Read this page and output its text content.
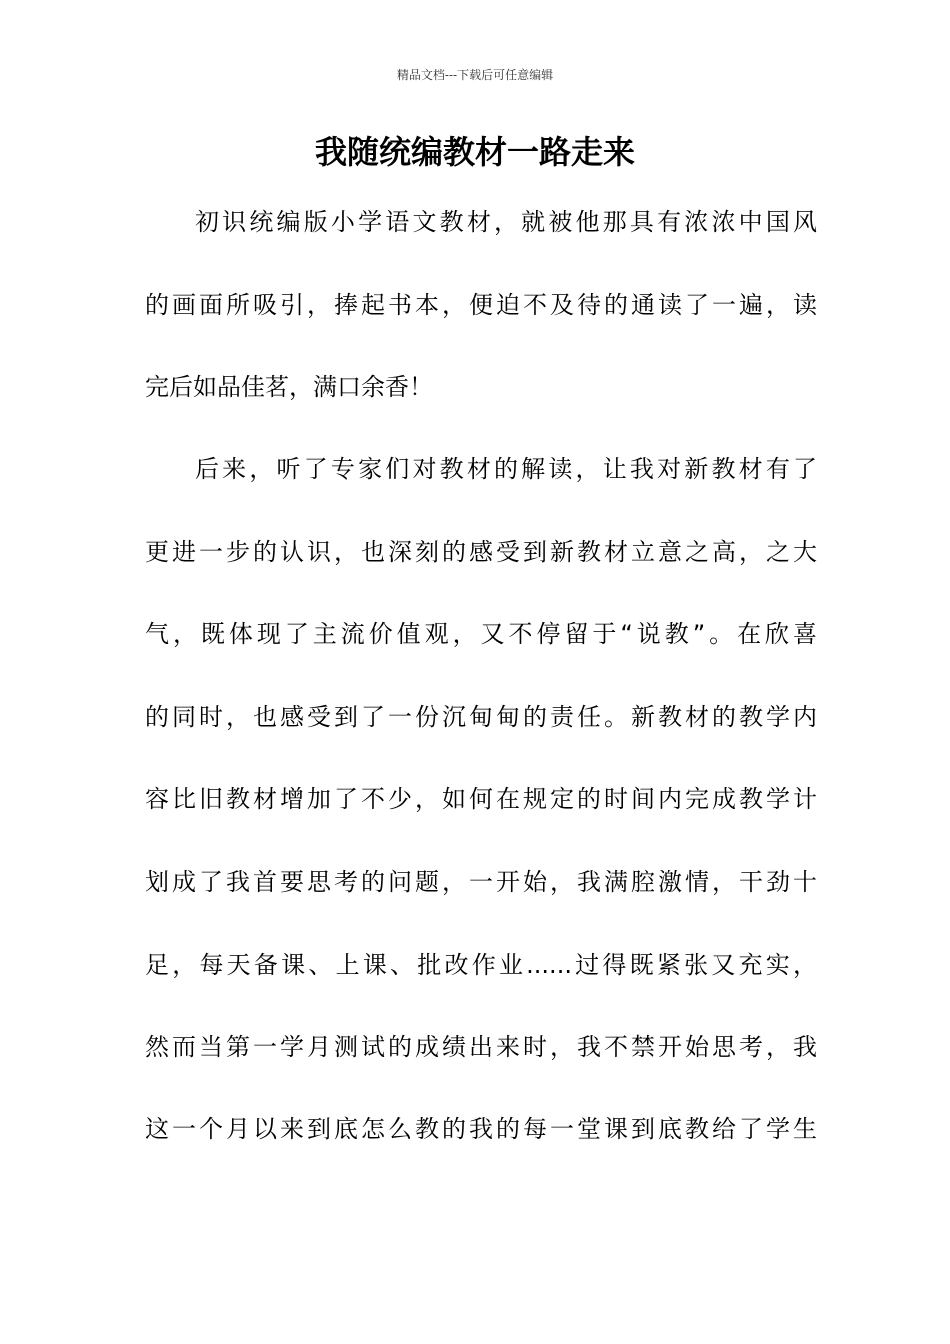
精品文档---下载后可任意编辑
我随统编教材一路走来
初识统编版小学语文教材，就被他那具有浓浓中国风
的画面所吸引，捧起书本，便迫不及待的通读了一遍，读
完后如品佳茗，满口余香！
后来，听了专家们对教材的解读，让我对新教材有了
更进一步的认识，也深刻的感受到新教材立意之高，之大
气，既体现了主流价值观，又不停留于“说教”。在欣喜
的同时，也感受到了一份沉甸甸的责任。新教材的教学内
容比旧教材增加了不少，如何在规定的时间内完成教学计
划成了我首要思考的问题，一开始，我满腔激情，干劲十
足，每天备课、上课、批改作业......过得既紧张又充实，
然而当第一学月测试的成绩出来时，我不禁开始思考，我
这一个月以来到底怎么教的我的每一堂课到底教给了学生
